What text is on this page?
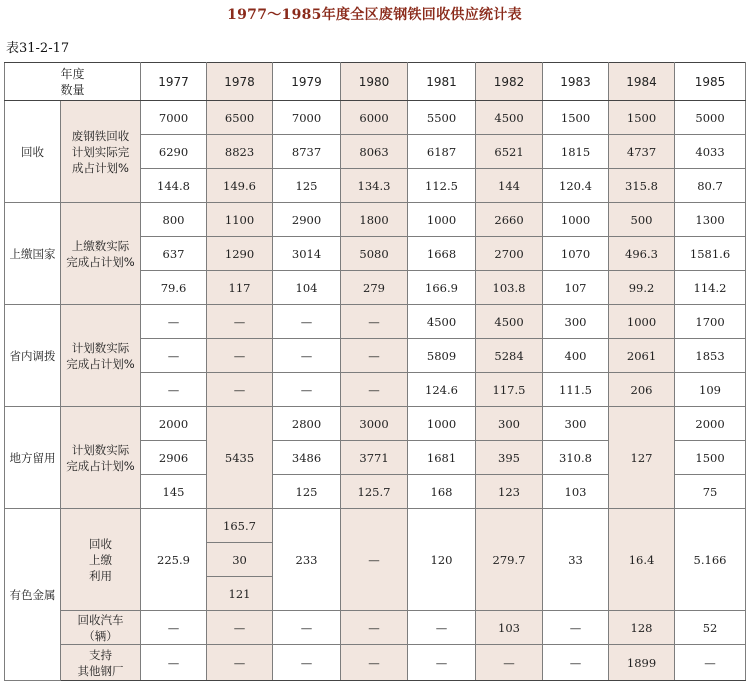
1977～1985年度全区废钢铁回收供应统计表
表31-2-17
年度
数量		1977	1978	1979	1980	1981	1982	1983	1984	1985
回收	废钢铁回收
计划实际完
成占计划%	7000	6500	7000	6000	5500	4500	1500	1500	5000
		6290	8823	8737	8063	6187	6521	1815	4737	4033
		144.8	149.6	125	134.3	112.5	144	120.4	315.8	80.7
上缴国家	上缴数实际
完成占计划%	800	1100	2900	1800	1000	2660	1000	500	1300
		637	1290	3014	5080	1668	2700	1070	496.3	1581.6
		79.6	117	104	279	166.9	103.8	107	99.2	114.2
省内调拨	计划数实际
完成占计划%	—	—	—	—	4500	4500	300	1000	1700
		—	—	—	—	5809	5284	400	2061	1853
		—	—	—	—	124.6	117.5	111.5	206	109
地方留用	计划数实际
完成占计划%	2000	5435	2800	3000	1000	300	300	127	2000
		2906		3486	3771	1681	395	310.8		1500
		145		125	125.7	168	123	103		75
有色金属	回收
上缴
利用	225.9	165.7	233	—	120	279.7	33	16.4	5.166
			30							
			121							

	回收汽车
（辆）	—	—	—	—	—	103	—	128	52

	支持
其他钢厂	—	—	—	—	—	—	—	1899	—
